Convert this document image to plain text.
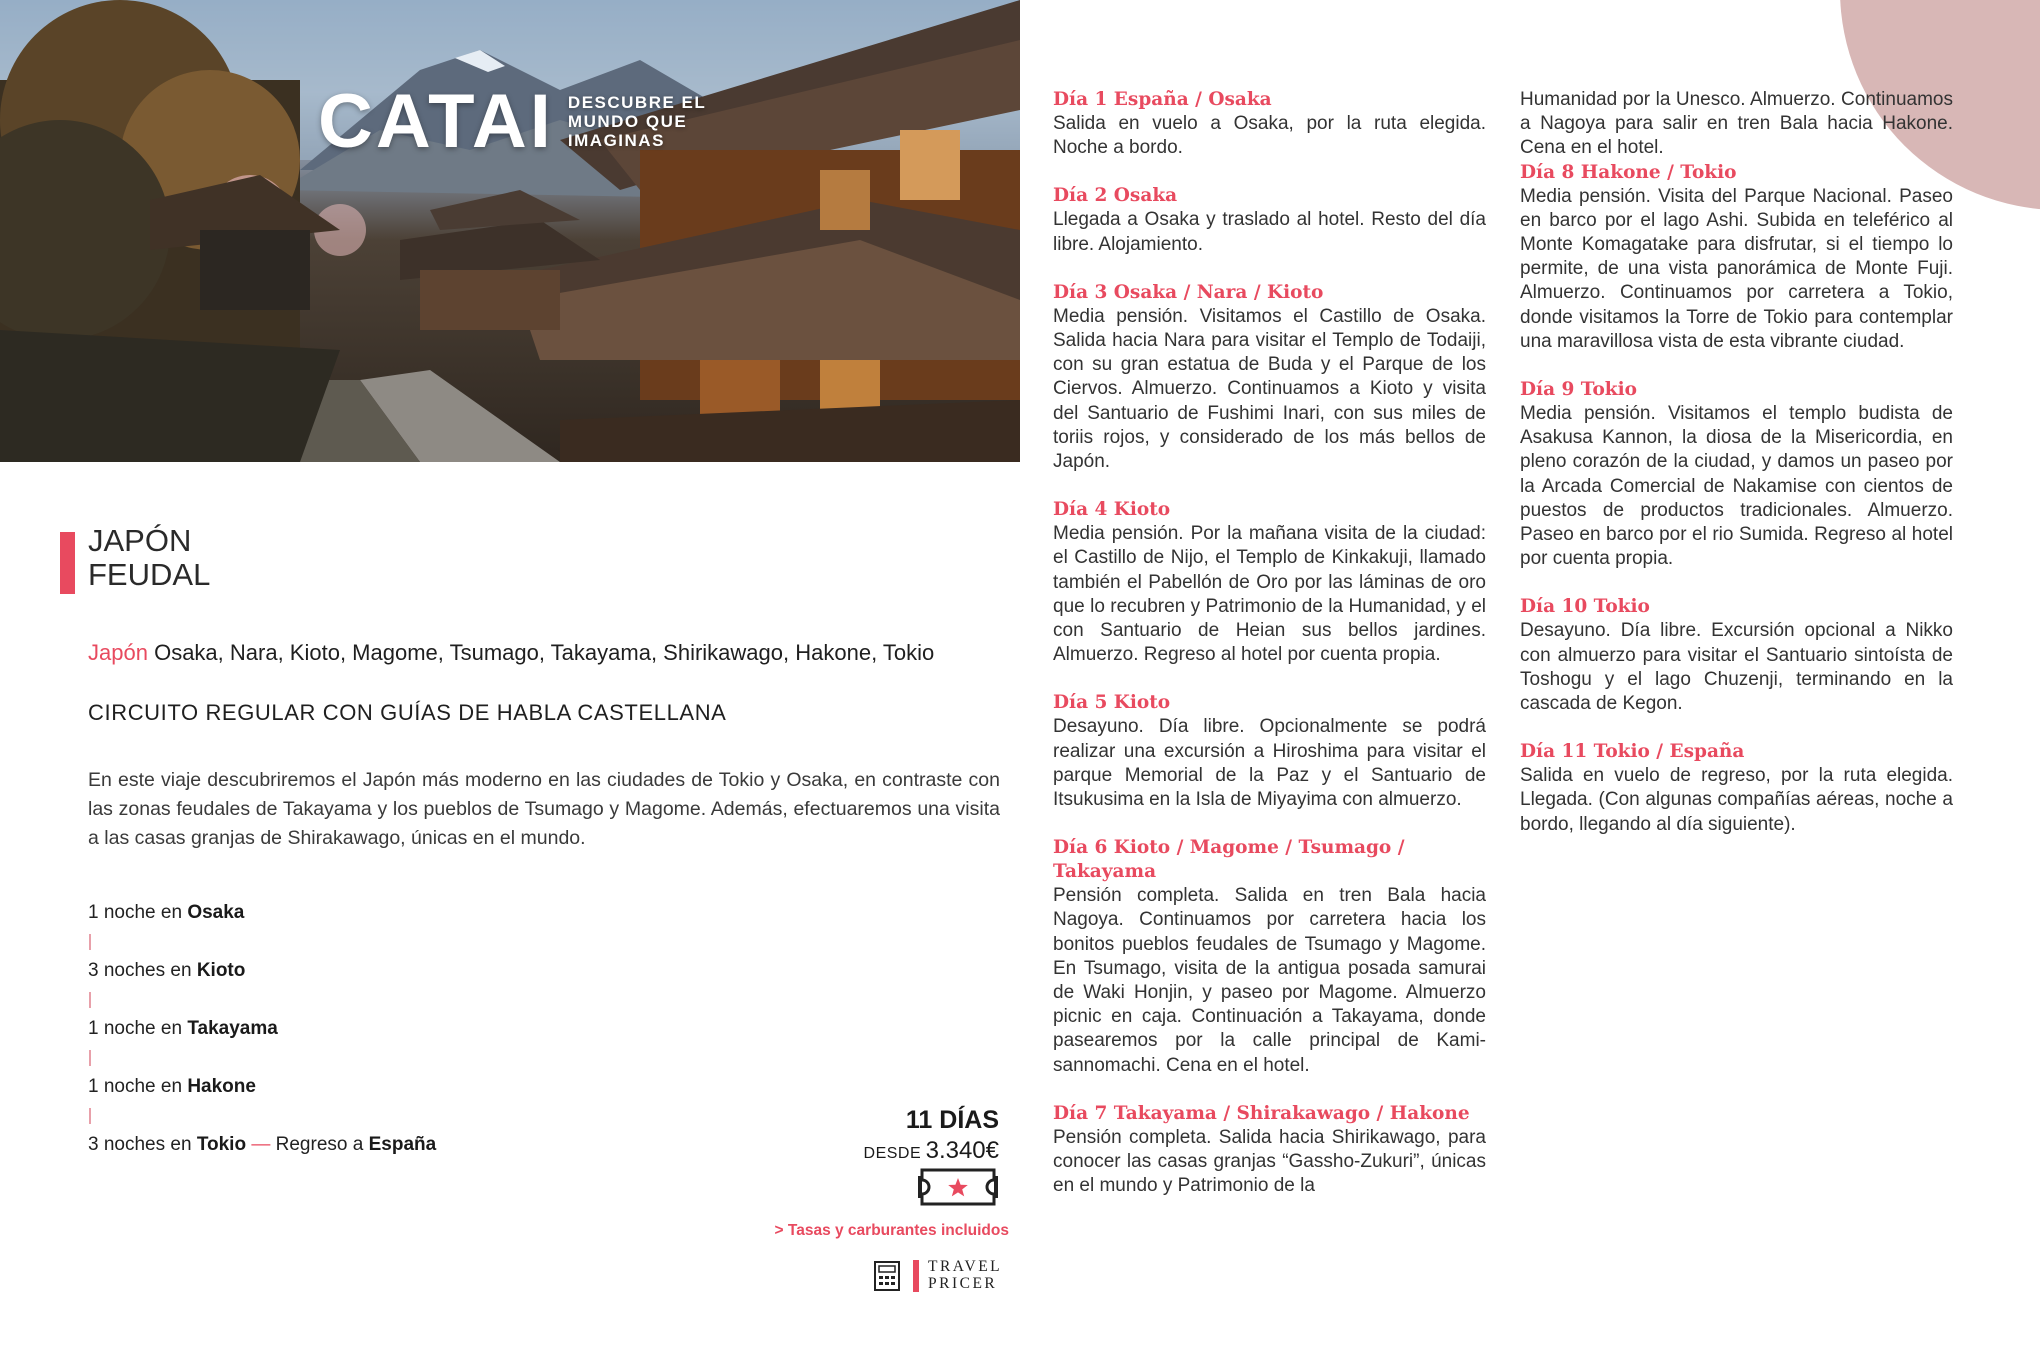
CATAI DESCUBRE EL
MUNDO QUE
IMAGINAS
JAPÓN
FEUDAL
Japón Osaka, Nara, Kioto, Magome, Tsumago, Takayama, Shirikawago, Hakone, Tokio
CIRCUITO REGULAR CON GUÍAS DE HABLA CASTELLANA
En este viaje descubriremos el Japón más moderno en las ciudades de Tokio y Osaka, en contraste con las zonas feudales de Takayama y los pueblos de Tsumago y Magome. Además, efectuaremos una visita a las casas granjas de Shirakawago, únicas en el mundo.
1 noche en Osaka
3 noches en Kioto
1 noche en Takayama
1 noche en Hakone
3 noches en Tokio — Regreso a España
11 DÍAS
DESDE 3.340€
> Tasas y carburantes incluidos
TRAVEL
PRICER
Día 1 España / Osaka
Salida en vuelo a Osaka, por la ruta elegida. Noche a bordo.
Día 2 Osaka
Llegada a Osaka y traslado al hotel. Resto del día libre. Alojamiento.
Día 3 Osaka / Nara / Kioto
Media pensión. Visitamos el Castillo de Osaka. Salida hacia Nara para visitar el Templo de Todaiji, con su gran estatua de Buda y el Parque de los Ciervos. Almuerzo. Continuamos a Kioto y visita del Santuario de Fushimi Inari, con sus miles de toriis rojos, y considerado de los más bellos de Japón.
Día 4 Kioto
Media pensión. Por la mañana visita de la ciudad: el Castillo de Nijo, el Templo de Kinkakuji, llamado también el Pabellón de Oro por las láminas de oro que lo recubren y Patrimonio de la Humanidad, y el con Santuario de Heian sus bellos jardines. Almuerzo. Regreso al hotel por cuenta propia.
Día 5 Kioto
Desayuno. Día libre. Opcionalmente se podrá realizar una excursión a Hiroshima para visitar el parque Memorial de la Paz y el Santuario de Itsukusima en la Isla de Miyayima con almuerzo.
Día 6 Kioto / Magome / Tsumago / Takayama
Pensión completa. Salida en tren Bala hacia Nagoya. Continuamos por carretera hacia los bonitos pueblos feudales de Tsumago y Magome. En Tsumago, visita de la antigua posada samurai de Waki Honjin, y paseo por Magome. Almuerzo picnic en caja. Continuación a Takayama, donde pasearemos por la calle principal de Kami-sannomachi. Cena en el hotel.
Día 7 Takayama / Shirakawago / Hakone
Pensión completa. Salida hacia Shirikawago, para conocer las casas granjas “Gassho-Zukuri”, únicas en el mundo y Patrimonio de la
Humanidad por la Unesco. Almuerzo. Continuamos a Nagoya para salir en tren Bala hacia Hakone. Cena en el hotel.
Día 8 Hakone / Tokio
Media pensión. Visita del Parque Nacional. Paseo en barco por el lago Ashi. Subida en teleférico al Monte Komagatake para disfrutar, si el tiempo lo permite, de una vista panorámica de Monte Fuji. Almuerzo. Continuamos por carretera a Tokio, donde visitamos la Torre de Tokio para contemplar una maravillosa vista de esta vibrante ciudad.
Día 9 Tokio
Media pensión. Visitamos el templo budista de Asakusa Kannon, la diosa de la Misericordia, en pleno corazón de la ciudad, y damos un paseo por la Arcada Comercial de Nakamise con cientos de puestos de productos tradicionales. Almuerzo. Paseo en barco por el rio Sumida. Regreso al hotel por cuenta propia.
Día 10 Tokio
Desayuno. Día libre. Excursión opcional a Nikko con almuerzo para visitar el Santuario sintoísta de Toshogu y el lago Chuzenji, terminando en la cascada de Kegon.
Día 11 Tokio / España
Salida en vuelo de regreso, por la ruta elegida. Llegada. (Con algunas compañías aéreas, noche a bordo, llegando al día siguiente).
